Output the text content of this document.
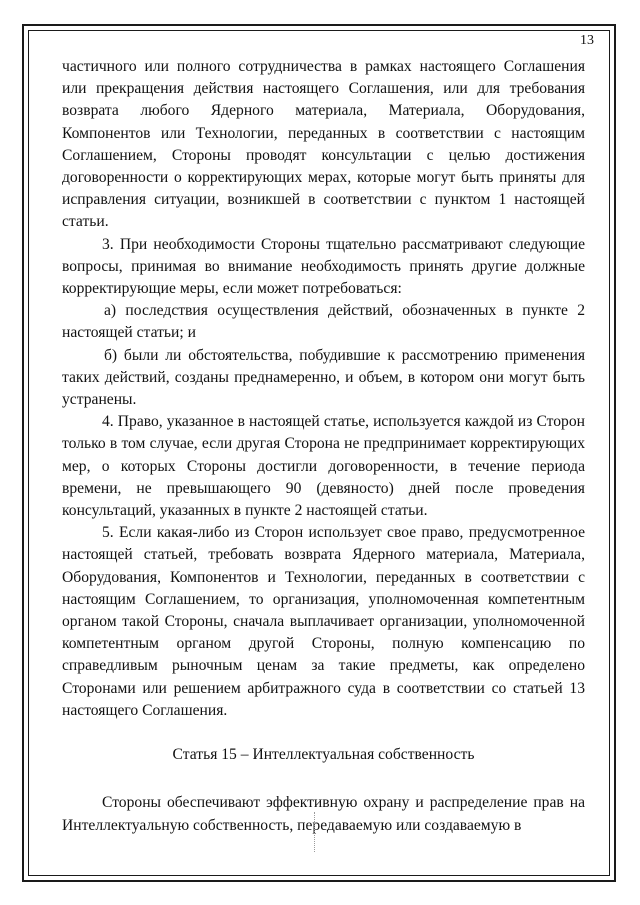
13

частичного или полного сотрудничества в рамках настоящего Соглашения или прекращения действия настоящего Соглашения, или для требования возврата любого Ядерного материала, Материала, Оборудования, Компонентов или Технологии, переданных в соответствии с настоящим Соглашением, Стороны проводят консультации с целью достижения договоренности о корректирующих мерах, которые могут быть приняты для исправления ситуации, возникшей в соответствии с пунктом 1 настоящей статьи.

3. При необходимости Стороны тщательно рассматривают следующие вопросы, принимая во внимание необходимость принять другие должные корректирующие меры, если может потребоваться:

а) последствия осуществления действий, обозначенных в пункте 2 настоящей статьи; и

б) были ли обстоятельства, побудившие к рассмотрению применения таких действий, созданы преднамеренно, и объем, в котором они могут быть устранены.

4. Право, указанное в настоящей статье, используется каждой из Сторон только в том случае, если другая Сторона не предпринимает корректирующих мер, о которых Стороны достигли договоренности, в течение периода времени, не превышающего 90 (девяносто) дней после проведения консультаций, указанных в пункте 2 настоящей статьи.

5. Если какая-либо из Сторон использует свое право, предусмотренное настоящей статьей, требовать возврата Ядерного материала, Материала, Оборудования, Компонентов и Технологии, переданных в соответствии с настоящим Соглашением, то организация, уполномоченная компетентным органом такой Стороны, сначала выплачивает организации, уполномоченной компетентным органом другой Стороны, полную компенсацию по справедливым рыночным ценам за такие предметы, как определено Сторонами или решением арбитражного суда в соответствии со статьей 13 настоящего Соглашения.

Статья 15 – Интеллектуальная собственность

Стороны обеспечивают эффективную охрану и распределение прав на Интеллектуальную собственность, передаваемую или создаваемую в
